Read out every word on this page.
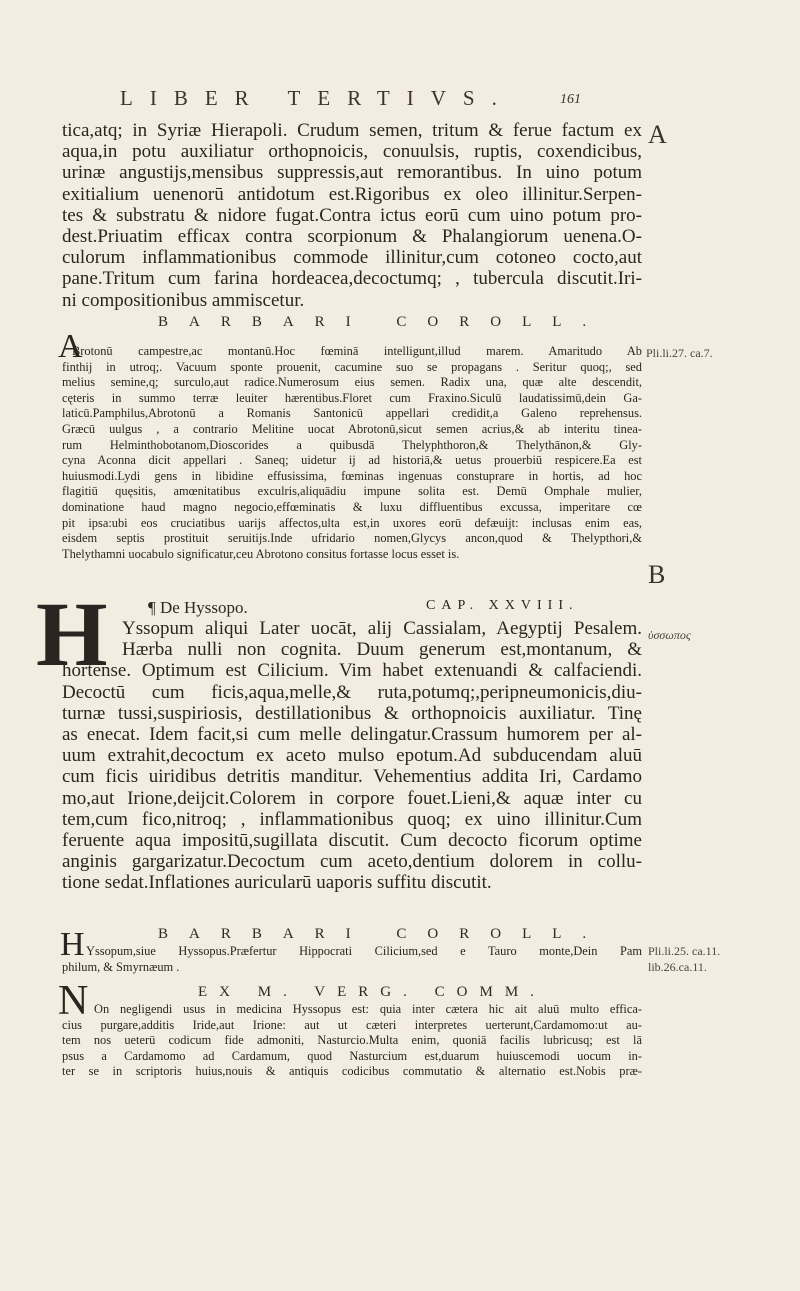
LIBER TERTIVS.	161
tica,atq; in Syriæ Hierapoli. Crudum semen, tritum & ferue factum ex
aqua,in potu auxiliatur orthopnoicis, conuulsis, ruptis, coxendicibus,
urinæ angustijs,mensibus suppressis,aut remorantibus. In uino potum
exitialium uenenorū antidotum est.Rigoribus ex oleo illinitur.Serpen-
tes & substratu & nidore fugat.Contra ictus eorū cum uino potum pro-
dest.Priuatim efficax contra scorpionum & Phalangiorum uenena.O-
culorum inflammationibus commode illinitur,cum cotoneo cocto,aut
pane.Tritum cum farina hordeacea,decoctumq; , tubercula discutit.Iri-
ni compositionibus ammiscetur.
A
BARBARI COROLL.
A	Pli.li.27. ca.7.
Brotonū campestre,ac montanū.Hoc fœminā intelligunt,illud marem. Amaritudo Ab
finthij in utroq;. Vacuum sponte prouenit, cacumine suo se propagans . Seritur quoq;, sed
melius semine,q; surculo,aut radice.Numerosum eius semen. Radix una, quæ alte descendit,
cęteris in summo terræ leuiter hærentibus.Floret cum Fraxino.Siculū laudatissimū,dein Ga-
laticū.Pamphilus,Abrotonū a Romanis Santonicū appellari credidit,a Galeno reprehensus.
Græcū uulgus , a contrario Melitine uocat Abrotonū,sicut semen acrius,& ab interitu tinea-
rum Helminthobotanom,Dioscorides a quibusdā Thelyphthoron,& Thelythānon,& Gly-
cyna Aconna dicit appellari . Saneq; uidetur ij ad historiā,& uetus prouerbiū respicere.Ea est
huiusmodi.Lydi gens in libidine effusissima, fœminas ingenuas constuprare in hortis, ad hoc
flagitiū quęsitis, amœnitatibus exculris,aliquādiu impune solita est. Demū Omphale mulier,
dominatione haud magno negocio,effœminatis & luxu diffluentibus excussa, imperitare cœ
pit ipsa:ubi eos cruciatibus uarijs affectos,ulta est,in uxores eorū defæuijt: inclusas enim eas,
eisdem septis prostituit seruitijs.Inde ufridario nomen,Glycys ancon,quod & Thelypthori,&
Thelythamni uocabulo significatur,ceu Abrotono consitus fortasse locus esset is.
B
H ¶ De Hyssopo.	CAP. XXVIII.
ὑσσωπος
Yssopum aliqui Later uocāt, alij Cassialam, Aegyptij Pesalem.
Hærba nulli non cognita. Duum generum est,montanum, &
hortense. Optimum est Cilicium. Vim habet extenuandi & calfaciendi.
Decoctū cum ficis,aqua,melle,& ruta,potumq;,peripneumonicis,diu-
turnæ tussi,suspiriosis, destillationibus & orthopnoicis auxiliatur. Tinę
as enecat. Idem facit,si cum melle delingatur.Crassum humorem per al-
uum extrahit,decoctum ex aceto mulso epotum.Ad subducendam aluū
cum ficis uiridibus detritis manditur. Vehementius addita Iri, Cardamo
mo,aut Irione,deijcit.Colorem in corpore fouet.Lieni,& aquæ inter cu
tem,cum fico,nitroq; , inflammationibus quoq; ex uino illinitur.Cum
feruente aqua impositū,sugillata discutit. Cum decocto ficorum optime
anginis gargarizatur.Decoctum cum aceto,dentium dolorem in collu-
tione sedat.Inflationes auricularū uaporis suffitu discutit.
H	BARBARI COROLL.
Yssopum,siue Hyssopus.Præfertur Hippocrati Cilicium,sed e Tauro monte,Dein Pam
philum, & Smyrnæum .
Pli.li.25. ca.11.
lib.26.ca.11.
N	EX M. VERG. COMM.
On negligendi usus in medicina Hyssopus est: quia inter cætera hic ait aluū multo effica-
cius purgare,additis Iride,aut Irione: aut ut cæteri interpretes uerterunt,Cardamomo:ut au-
tem nos ueterū codicum fide admoniti, Nasturcio.Multa enim, quoniā facilis lubricusq; est lā
psus a Cardamomo ad Cardamum, quod Nasturcium est,duarum huiuscemodi uocum in-
ter se in scriptoris huius,nouis & antiquis codicibus commutatio & alternatio est.Nobis præ-
